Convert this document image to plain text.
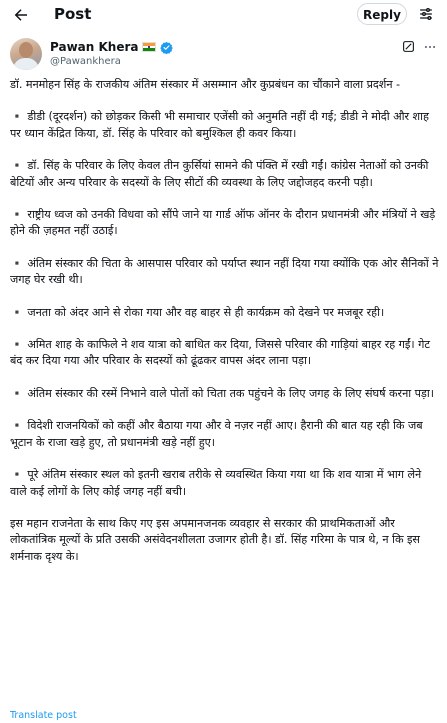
Post	Reply
Pawan Khera
@Pawankhera

डॉ. मनमोहन सिंह के राजकीय अंतिम संस्कार में असम्मान और कुप्रबंधन का चौंकाने वाला प्रदर्शन -

▪️ डीडी (दूरदर्शन) को छोड़कर किसी भी समाचार एजेंसी को अनुमति नहीं दी गई; डीडी ने मोदी और शाह पर ध्यान केंद्रित किया, डॉ. सिंह के परिवार को बमुश्किल ही कवर किया।

▪️ डॉ. सिंह के परिवार के लिए केवल तीन कुर्सियां सामने की पंक्ति में रखी गईं। कांग्रेस नेताओं को उनकी बेटियों और अन्य परिवार के सदस्यों के लिए सीटों की व्यवस्था के लिए जद्दोजहद करनी पड़ी।

▪️ राष्ट्रीय ध्वज को उनकी विधवा को सौंपे जाने या गार्ड ऑफ ऑनर के दौरान प्रधानमंत्री और मंत्रियों ने खड़े होने की ज़हमत नहीं उठाई।

▪️ अंतिम संस्कार की चिता के आसपास परिवार को पर्याप्त स्थान नहीं दिया गया क्योंकि एक ओर सैनिकों ने जगह घेर रखी थी।

▪️ जनता को अंदर आने से रोका गया और वह बाहर से ही कार्यक्रम को देखने पर मजबूर रही।

▪️ अमित शाह के काफिले ने शव यात्रा को बाधित कर दिया, जिससे परिवार की गाड़ियां बाहर रह गईं। गेट बंद कर दिया गया और परिवार के सदस्यों को ढूंढकर वापस अंदर लाना पड़ा।

▪️ अंतिम संस्कार की रस्में निभाने वाले पोतों को चिता तक पहुंचने के लिए जगह के लिए संघर्ष करना पड़ा।

▪️ विदेशी राजनयिकों को कहीं और बैठाया गया और वे नज़र नहीं आए। हैरानी की बात यह रही कि जब भूटान के राजा खड़े हुए, तो प्रधानमंत्री खड़े नहीं हुए।

▪️ पूरे अंतिम संस्कार स्थल को इतनी खराब तरीके से व्यवस्थित किया गया था कि शव यात्रा में भाग लेने वाले कई लोगों के लिए कोई जगह नहीं बची।

इस महान राजनेता के साथ किए गए इस अपमानजनक व्यवहार से सरकार की प्राथमिकताओं और लोकतांत्रिक मूल्यों के प्रति उसकी असंवेदनशीलता उजागर होती है। डॉ. सिंह गरिमा के पात्र थे, न कि इस शर्मनाक दृश्य के।

Translate post
